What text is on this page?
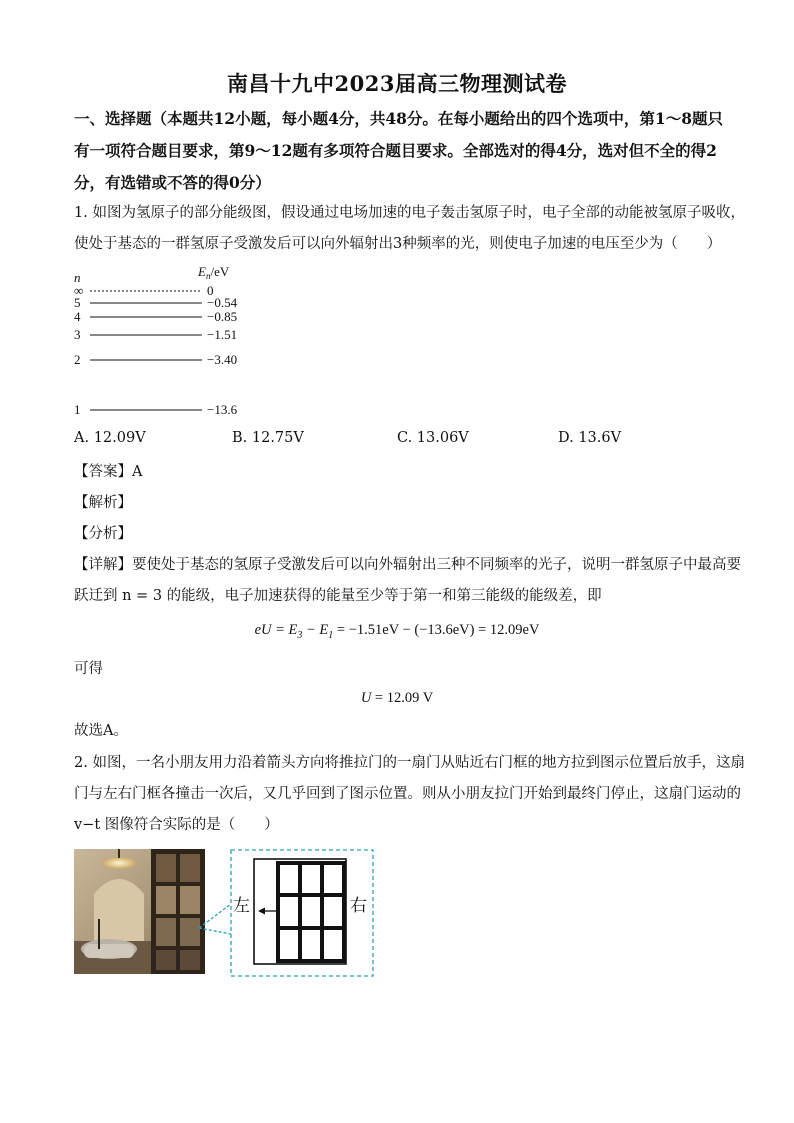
南昌十九中2023届高三物理测试卷
一、选择题（本题共12小题，每小题4分，共48分。在每小题给出的四个选项中，第1～8题只有一项符合题目要求，第9～12题有多项符合题目要求。全部选对的得4分，选对但不全的得2分，有选错或不答的得0分）
1. 如图为氢原子的部分能级图，假设通过电场加速的电子轰击氢原子时，电子全部的动能被氢原子吸收，
使处于基态的一群氢原子受激发后可以向外辐射出3种频率的光，则使电子加速的电压至少为（　　）
n	$E_n/eV$
∞	0
5	−0.54
4	−0.85
3	−1.51
2	−3.40
1	−13.6
A. 12.09V	B. 12.75V	C. 13.06V	D. 13.6V
【答案】A
【解析】
【分析】
【详解】要使处于基态的氢原子受激发后可以向外辐射出三种不同频率的光子，说明一群氢原子中最高要
跃迁到 n = 3 的能级，电子加速获得的能量至少等于第一和第三能级的能级差，即
eU = $E_3 - E_1 = -1.51eV - (-13.6eV) = 12.09eV$
可得
U = 12.09 V
故选A。
2. 如图，一名小朋友用力沿着箭头方向将推拉门的一扇门从贴近右门框的地方拉到图示位置后放手，这扇
门与左右门框各撞击一次后，又几乎回到了图示位置。则从小朋友拉门开始到最终门停止，这扇门运动的
v−t 图像符合实际的是（　　）
左	右
